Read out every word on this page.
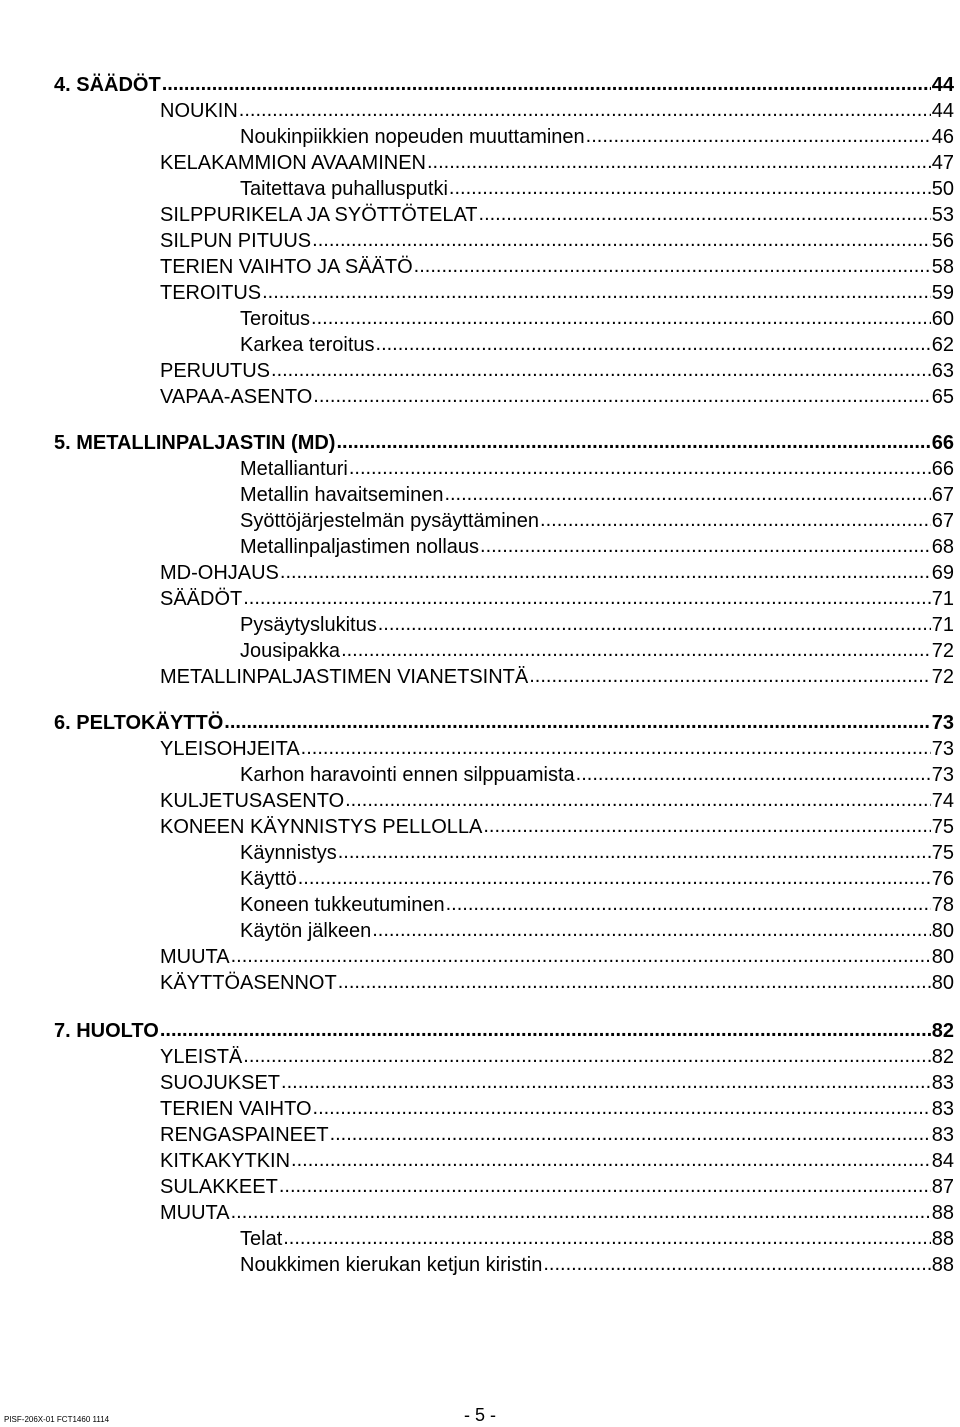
4. SÄÄDÖT .....	44
NOUKIN .....	44
Noukinpiikkien nopeuden muuttaminen .....	46
KELAKAMMION AVAAMINEN .....	47
Taitettava puhallusputki .....	50
SILPPURIKELA JA SYÖTTÖTELAT .....	53
SILPUN PITUUS .....	56
TERIEN VAIHTO JA SÄÄTÖ .....	58
TEROITUS .....	59
Teroitus .....	60
Karkea teroitus .....	62
PERUUTUS .....	63
VAPAA-ASENTO .....	65
5. METALLINPALJASTIN (MD) .....	66
Metallianturi .....	66
Metallin havaitseminen .....	67
Syöttöjärjestelmän pysäyttäminen .....	67
Metallinpaljastimen nollaus .....	68
MD-OHJAUS .....	69
SÄÄDÖT .....	71
Pysäytyslukitus .....	71
Jousipakka .....	72
METALLINPALJASTIMEN VIANETSINTÄ .....	72
6. PELTOKÄYTTÖ .....	73
YLEISOHJEITA .....	73
Karhon haravointi ennen silppuamista .....	73
KULJETUSASENTO .....	74
KONEEN KÄYNNISTYS PELLOLLA .....	75
Käynnistys .....	75
Käyttö .....	76
Koneen tukkeutuminen .....	78
Käytön jälkeen .....	80
MUUTA .....	80
KÄYTTÖASENNOT .....	80
7. HUOLTO .....	82
YLEISTÄ .....	82
SUOJUKSET .....	83
TERIEN VAIHTO .....	83
RENGASPAINEET .....	83
KITKAKYTKIN .....	84
SULAKKEET .....	87
MUUTA .....	88
Telat .....	88
Noukkimen kierukan ketjun kiristin .....	88
PISF-206X-01 FCT1460 1114	- 5 -
